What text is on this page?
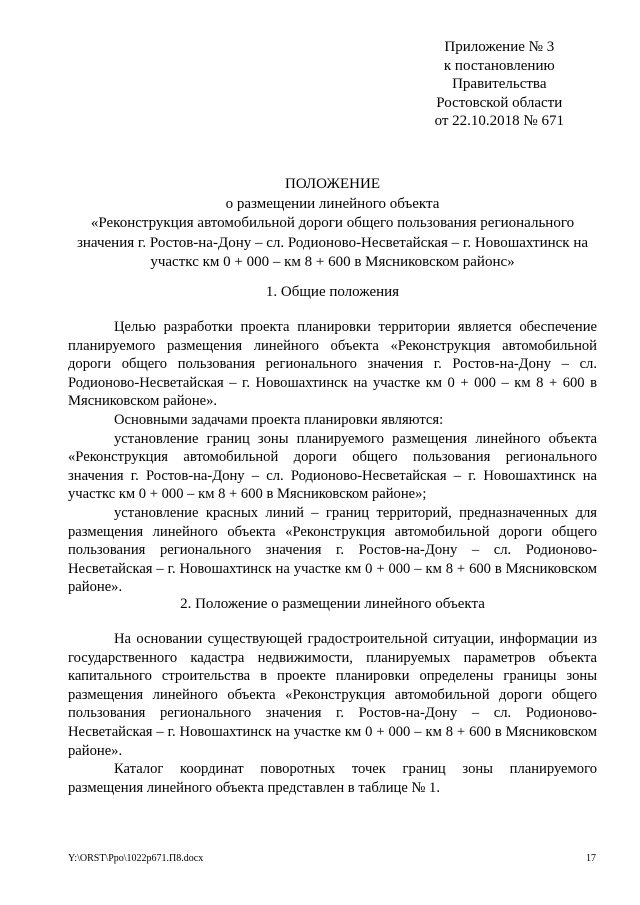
Приложение № 3
к постановлению
Правительства
Ростовской области
от 22.10.2018 № 671
ПОЛОЖЕНИЕ
о размещении линейного объекта
«Реконструкция автомобильной дороги общего пользования регионального значения г. Ростов-на-Дону – сл. Родионово-Несветайская – г. Новошахтинск на участкс км 0 + 000 – км 8 + 600 в Мясниковском районс»
1. Общие положения

Целью разработки проекта планировки территории является обеспечение планируемого размещения линейного объекта «Реконструкция автомобильной дороги общего пользования регионального значения г. Ростов-на-Дону – сл. Родионово-Несветайская – г. Новошахтинск на участке км 0 + 000 – км 8 + 600 в Мясниковском районе».

Основными задачами проекта планировки являются:

установление границ зоны планируемого размещения линейного объекта «Реконструкция автомобильной дороги общего пользования регионального значения г. Ростов-на-Дону – сл. Родионово-Несветайская – г. Новошахтинск на участкс км 0 + 000 – км 8 + 600 в Мясниковском районе»;

установление красных линий – границ территорий, предназначенных для размещения линейного объекта «Реконструкция автомобильной дороги общего пользования регионального значения г. Ростов-на-Дону – сл. Родионово-Несветайская – г. Новошахтинск на участке км 0 + 000 – км 8 + 600 в Мясниковском районе».

2. Положение о размещении линейного объекта

На основании существующей градостроительной ситуации, информации из государственного кадастра недвижимости, планируемых параметров объекта капитального строительства в проекте планировки определены границы зоны размещения линейного объекта «Реконструкция автомобильной дороги общего пользования регионального значения г. Ростов-на-Дону – сл. Родионово-Несветайская – г. Новошахтинск на участке км 0 + 000 – км 8 + 600 в Мясниковском районе».

Каталог координат поворотных точек границ зоны планируемого размещения линейного объекта представлен в таблице № 1.

Y:\ORST\Ppo\1022p671.П8.docx	17
